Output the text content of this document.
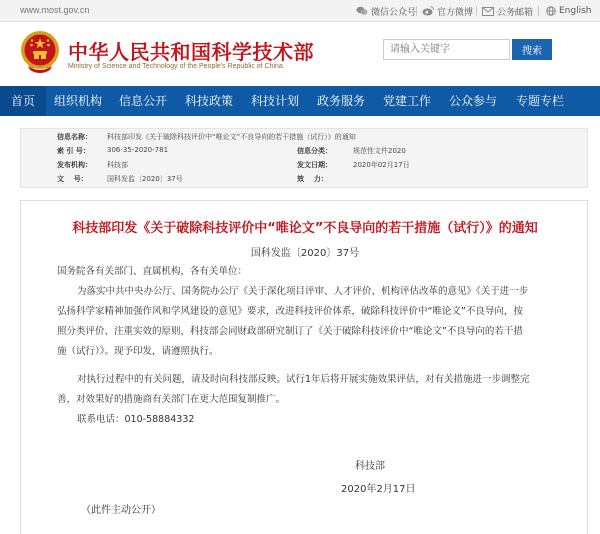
www.most.gov.cn	微信公众号 官方微博	公务邮箱	English
中华人民共和国科学技术部
Ministry of Science and Technology of the People's Republic of China
请输入关键字
搜索
首页	组织机构	信息公开	科技政策	科技计划	政务服务	党建工作	公众参与	专题专栏
信息名称： 科技部印发《关于破除科技评价中“唯论文”不良导向的若干措施（试行）》的通知
索 引 号： 306-35-2020-781	信息分类：	规范性文件2020
发布机构： 科技部	发文日期：	2020年02月17日
文    号：	国科发监〔2020〕37号	效    力：
科技部印发《关于破除科技评价中“唯论文”不良导向的若干措施（试行）》的通知
国科发监〔2020〕37号
国务院各有关部门、直属机构，各有关单位：
为落实中共中央办公厅、国务院办公厅《关于深化项目评审、人才评价、机构评估改革的意见》《关于进一步
弘扬科学家精神加强作风和学风建设的意见》要求，改进科技评价体系，破除科技评价中“唯论文”不良导向，按
照分类评价、注重实效的原则，科技部会同财政部研究制订了《关于破除科技评价中“唯论文”不良导向的若干措
施（试行）》。现予印发，请遵照执行。
对执行过程中的有关问题，请及时向科技部反映。试行1年后将开展实施效果评估，对有关措施进一步调整完
善，对效果好的措施商有关部门在更大范围复制推广。
联系电话：010-58884332
科技部
2020年2月17日
（此件主动公开）
